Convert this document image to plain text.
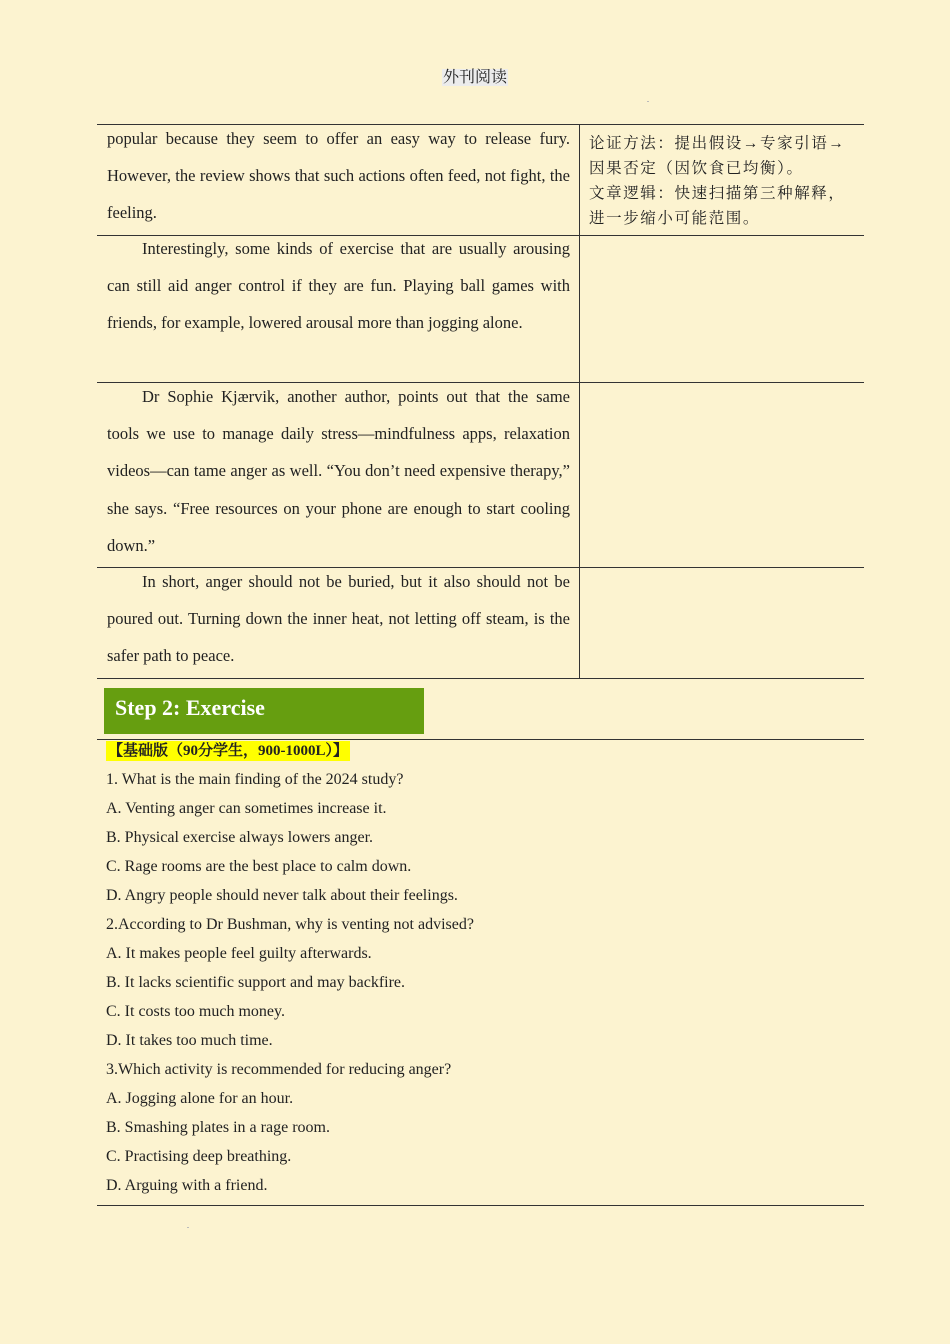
外刊阅读

popular because they seem to offer an easy way to release fury. However, the review shows that such actions often feed, not fight, the feeling.

论证方法：提出假设→专家引语→
因果否定（因饮食已均衡）。
文章逻辑：快速扫描第三种解释，
进一步缩小可能范围。

Interestingly, some kinds of exercise that are usually arousing can still aid anger control if they are fun. Playing ball games with friends, for example, lowered arousal more than jogging alone.

Dr Sophie Kjærvik, another author, points out that the same tools we use to manage daily stress—mindfulness apps, relaxation videos—can tame anger as well. “You don’t need expensive therapy,” she says. “Free resources on your phone are enough to start cooling down.”

In short, anger should not be buried, but it also should not be poured out. Turning down the inner heat, not letting off steam, is the safer path to peace.

Step 2: Exercise
【基础版（90分学生，900-1000L）】
1. What is the main finding of the 2024 study?
A. Venting anger can sometimes increase it.
B. Physical exercise always lowers anger.
C. Rage rooms are the best place to calm down.
D. Angry people should never talk about their feelings.
2.According to Dr Bushman, why is venting not advised?
A. It makes people feel guilty afterwards.
B. It lacks scientific support and may backfire.
C. It costs too much money.
D. It takes too much time.
3.Which activity is recommended for reducing anger?
A. Jogging alone for an hour.
B. Smashing plates in a rage room.
C. Practising deep breathing.
D. Arguing with a friend.
